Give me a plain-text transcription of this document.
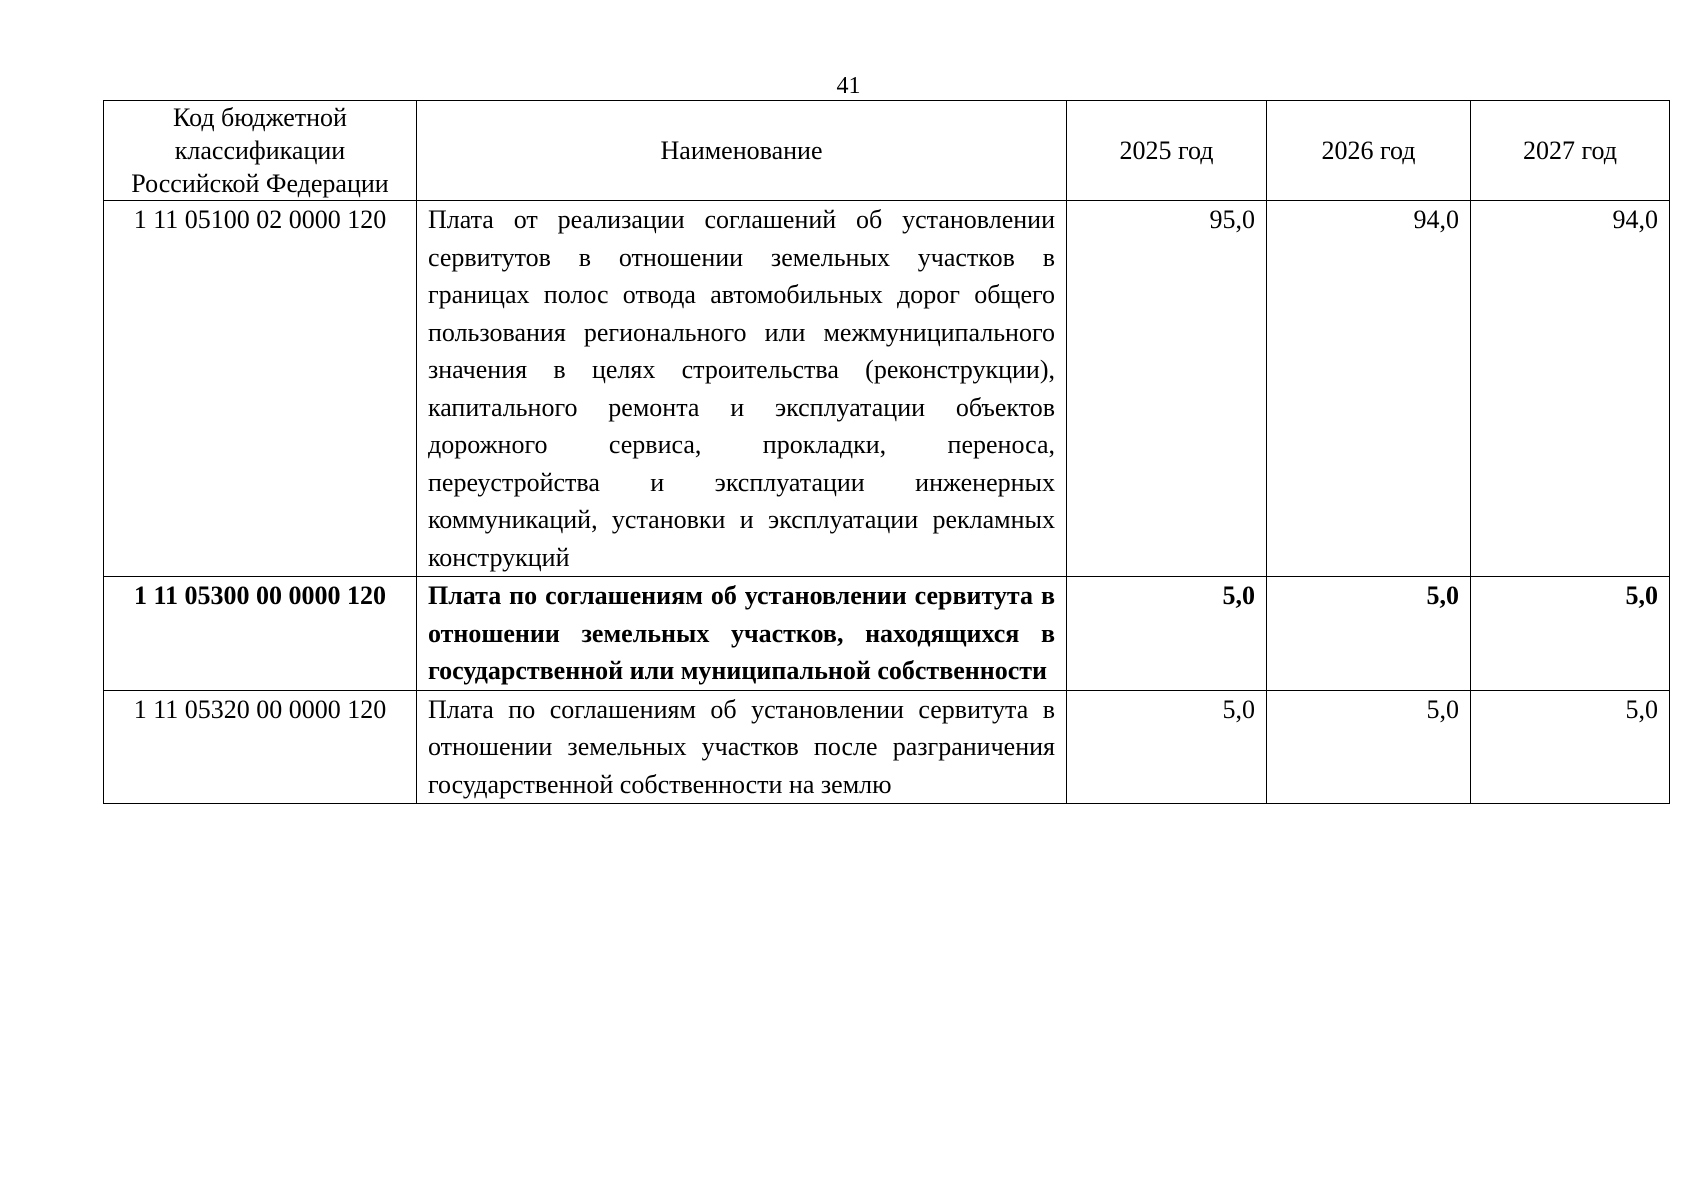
41
Код бюджетной классификации Российской Федерации	Наименование	2025 год	2026 год	2027 год
1 11 05100 02 0000 120	Плата от реализации соглашений об установлении сервитутов в отношении земельных участков в границах полос отвода автомобильных дорог общего пользования регионального или межмуниципального значения в целях строительства (реконструкции), капитального ремонта и эксплуатации объектов дорожного сервиса, прокладки, переноса, переустройства и эксплуатации инженерных коммуникаций, установки и эксплуатации рекламных конструкций	95,0	94,0	94,0
1 11 05300 00 0000 120	Плата по соглашениям об установлении сервитута в отношении земельных участков, находящихся в государственной или муниципальной собственности	5,0	5,0	5,0
1 11 05320 00 0000 120	Плата по соглашениям об установлении сервитута в отношении земельных участков после разграничения государственной собственности на землю	5,0	5,0	5,0
